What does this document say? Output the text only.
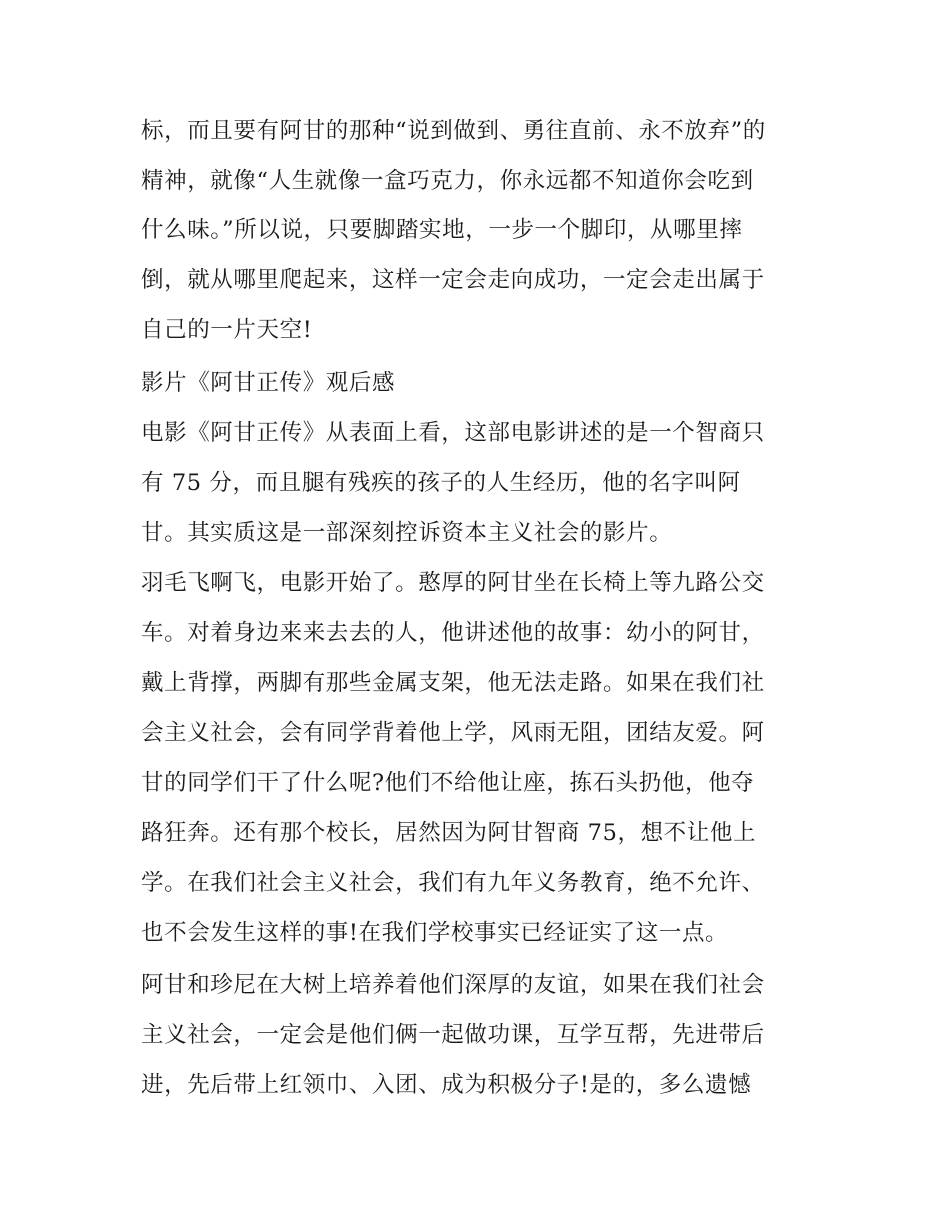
标，而且要有阿甘的那种“说到做到、勇往直前、永不放弃”的
精神，就像“人生就像一盒巧克力，你永远都不知道你会吃到
什么味。”所以说，只要脚踏实地，一步一个脚印，从哪里摔
倒，就从哪里爬起来，这样一定会走向成功，一定会走出属于
自己的一片天空!
影片《阿甘正传》观后感
电影《阿甘正传》从表面上看，这部电影讲述的是一个智商只
有 75 分，而且腿有残疾的孩子的人生经历，他的名字叫阿
甘。其实质这是一部深刻控诉资本主义社会的影片。
羽毛飞啊飞，电影开始了。憨厚的阿甘坐在长椅上等九路公交
车。对着身边来来去去的人，他讲述他的故事：幼小的阿甘，
戴上背撑，两脚有那些金属支架，他无法走路。如果在我们社
会主义社会，会有同学背着他上学，风雨无阻，团结友爱。阿
甘的同学们干了什么呢?他们不给他让座，拣石头扔他，他夺
路狂奔。还有那个校长，居然因为阿甘智商 75，想不让他上
学。在我们社会主义社会，我们有九年义务教育，绝不允许、
也不会发生这样的事!在我们学校事实已经证实了这一点。
阿甘和珍尼在大树上培养着他们深厚的友谊，如果在我们社会
主义社会，一定会是他们俩一起做功课，互学互帮，先进带后
进，先后带上红领巾、入团、成为积极分子!是的，多么遗憾
